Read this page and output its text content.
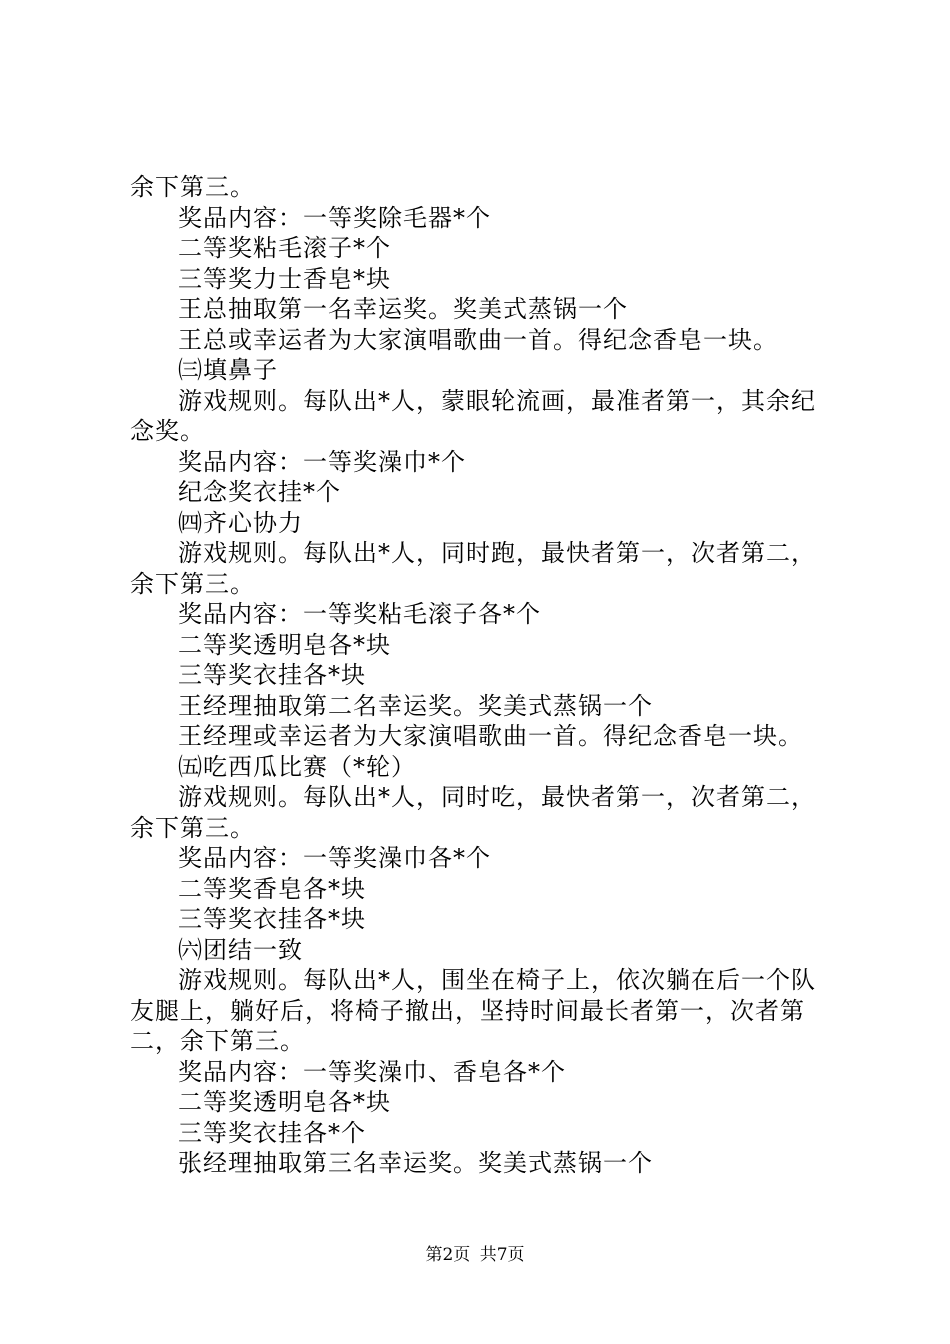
余下第三。
奖品内容：一等奖除毛器*个
二等奖粘毛滚子*个
三等奖力士香皂*块
王总抽取第一名幸运奖。奖美式蒸锅一个
王总或幸运者为大家演唱歌曲一首。得纪念香皂一块。
㈢填鼻子
游戏规则。每队出*人，蒙眼轮流画，最准者第一，其余纪
念奖。
奖品内容：一等奖澡巾*个
纪念奖衣挂*个
㈣齐心协力
游戏规则。每队出*人，同时跑，最快者第一，次者第二，
余下第三。
奖品内容：一等奖粘毛滚子各*个
二等奖透明皂各*块
三等奖衣挂各*块
王经理抽取第二名幸运奖。奖美式蒸锅一个
王经理或幸运者为大家演唱歌曲一首。得纪念香皂一块。
㈤吃西瓜比赛（*轮）
游戏规则。每队出*人，同时吃，最快者第一，次者第二，
余下第三。
奖品内容：一等奖澡巾各*个
二等奖香皂各*块
三等奖衣挂各*块
㈥团结一致
游戏规则。每队出*人，围坐在椅子上，依次躺在后一个队
友腿上，躺好后，将椅子撤出，坚持时间最长者第一，次者第
二，余下第三。
奖品内容：一等奖澡巾、香皂各*个
二等奖透明皂各*块
三等奖衣挂各*个
张经理抽取第三名幸运奖。奖美式蒸锅一个
第2页 共7页
